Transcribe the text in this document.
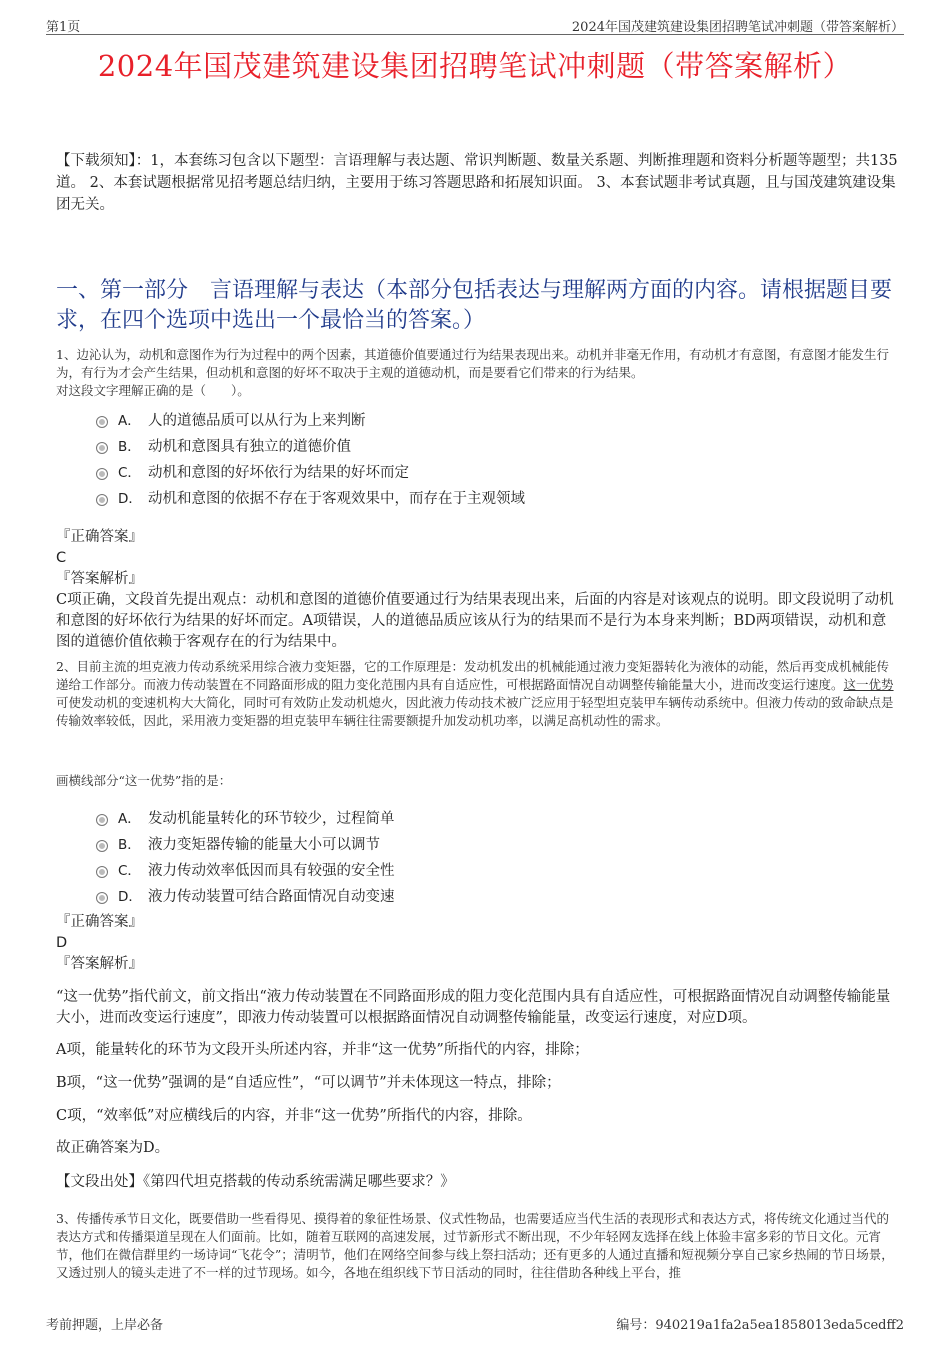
第1页	2024年国茂建筑建设集团招聘笔试冲刺题（带答案解析）
2024年国茂建筑建设集团招聘笔试冲刺题（带答案解析）
【下载须知】：1，本套练习包含以下题型：言语理解与表达题、常识判断题、数量关系题、判断推理题和资料分析题等题型；共135道。 2、本套试题根据常见招考题总结归纳，主要用于练习答题思路和拓展知识面。 3、本套试题非考试真题，且与国茂建筑建设集团无关。
一、第一部分　言语理解与表达（本部分包括表达与理解两方面的内容。请根据题目要求，在四个选项中选出一个最恰当的答案。）
1、边沁认为，动机和意图作为行为过程中的两个因素，其道德价值要通过行为结果表现出来。动机并非毫无作用，有动机才有意图，有意图才能发生行为，有行为才会产生结果，但动机和意图的好坏不取决于主观的道德动机，而是要看它们带来的行为结果。
对这段文字理解正确的是（　　）。
A． 人的道德品质可以从行为上来判断
B． 动机和意图具有独立的道德价值
C． 动机和意图的好坏依行为结果的好坏而定
D． 动机和意图的依据不存在于客观效果中，而存在于主观领域
『正确答案』
C
『答案解析』
C项正确，文段首先提出观点：动机和意图的道德价值要通过行为结果表现出来，后面的内容是对该观点的说明。即文段说明了动机和意图的好坏依行为结果的好坏而定。A项错误，人的道德品质应该从行为的结果而不是行为本身来判断；BD两项错误，动机和意图的道德价值依赖于客观存在的行为结果中。
2、目前主流的坦克液力传动系统采用综合液力变矩器，它的工作原理是：发动机发出的机械能通过液力变矩器转化为液体的动能，然后再变成机械能传递给工作部分。而液力传动装置在不同路面形成的阻力变化范围内具有自适应性，可根据路面情况自动调整传输能量大小，进而改变运行速度。这一优势可使发动机的变速机构大大简化，同时可有效防止发动机熄火，因此液力传动技术被广泛应用于轻型坦克装甲车辆传动系统中。但液力传动的致命缺点是传输效率较低，因此，采用液力变矩器的坦克装甲车辆往往需要额提升加发动机功率，以满足高机动性的需求。
画横线部分“这一优势”指的是：
A． 发动机能量转化的环节较少，过程简单
B． 液力变矩器传输的能量大小可以调节
C． 液力传动效率低因而具有较强的安全性
D． 液力传动装置可结合路面情况自动变速
『正确答案』
D
『答案解析』
“这一优势”指代前文，前文指出“液力传动装置在不同路面形成的阻力变化范围内具有自适应性，可根据路面情况自动调整传输能量大小，进而改变运行速度”，即液力传动装置可以根据路面情况自动调整传输能量，改变运行速度，对应D项。
A项，能量转化的环节为文段开头所述内容，并非“这一优势”所指代的内容，排除；
B项，“这一优势”强调的是“自适应性”，“可以调节”并未体现这一特点，排除；
C项，“效率低”对应横线后的内容，并非“这一优势”所指代的内容，排除。
故正确答案为D。
【文段出处】《第四代坦克搭载的传动系统需满足哪些要求？》
3、传播传承节日文化，既要借助一些看得见、摸得着的象征性场景、仪式性物品，也需要适应当代生活的表现形式和表达方式，将传统文化通过当代的表达方式和传播渠道呈现在人们面前。比如，随着互联网的高速发展，过节新形式不断出现，不少年轻网友选择在线上体验丰富多彩的节日文化。元宵节，他们在微信群里约一场诗词“飞花令”；清明节，他们在网络空间参与线上祭扫活动；还有更多的人通过直播和短视频分享自己家乡热闹的节日场景，又透过别人的镜头走进了不一样的过节现场。如今，各地在组织线下节日活动的同时，往往借助各种线上平台，推
考前押题，上岸必备	编号：940219a1fa2a5ea1858013eda5cedff2
